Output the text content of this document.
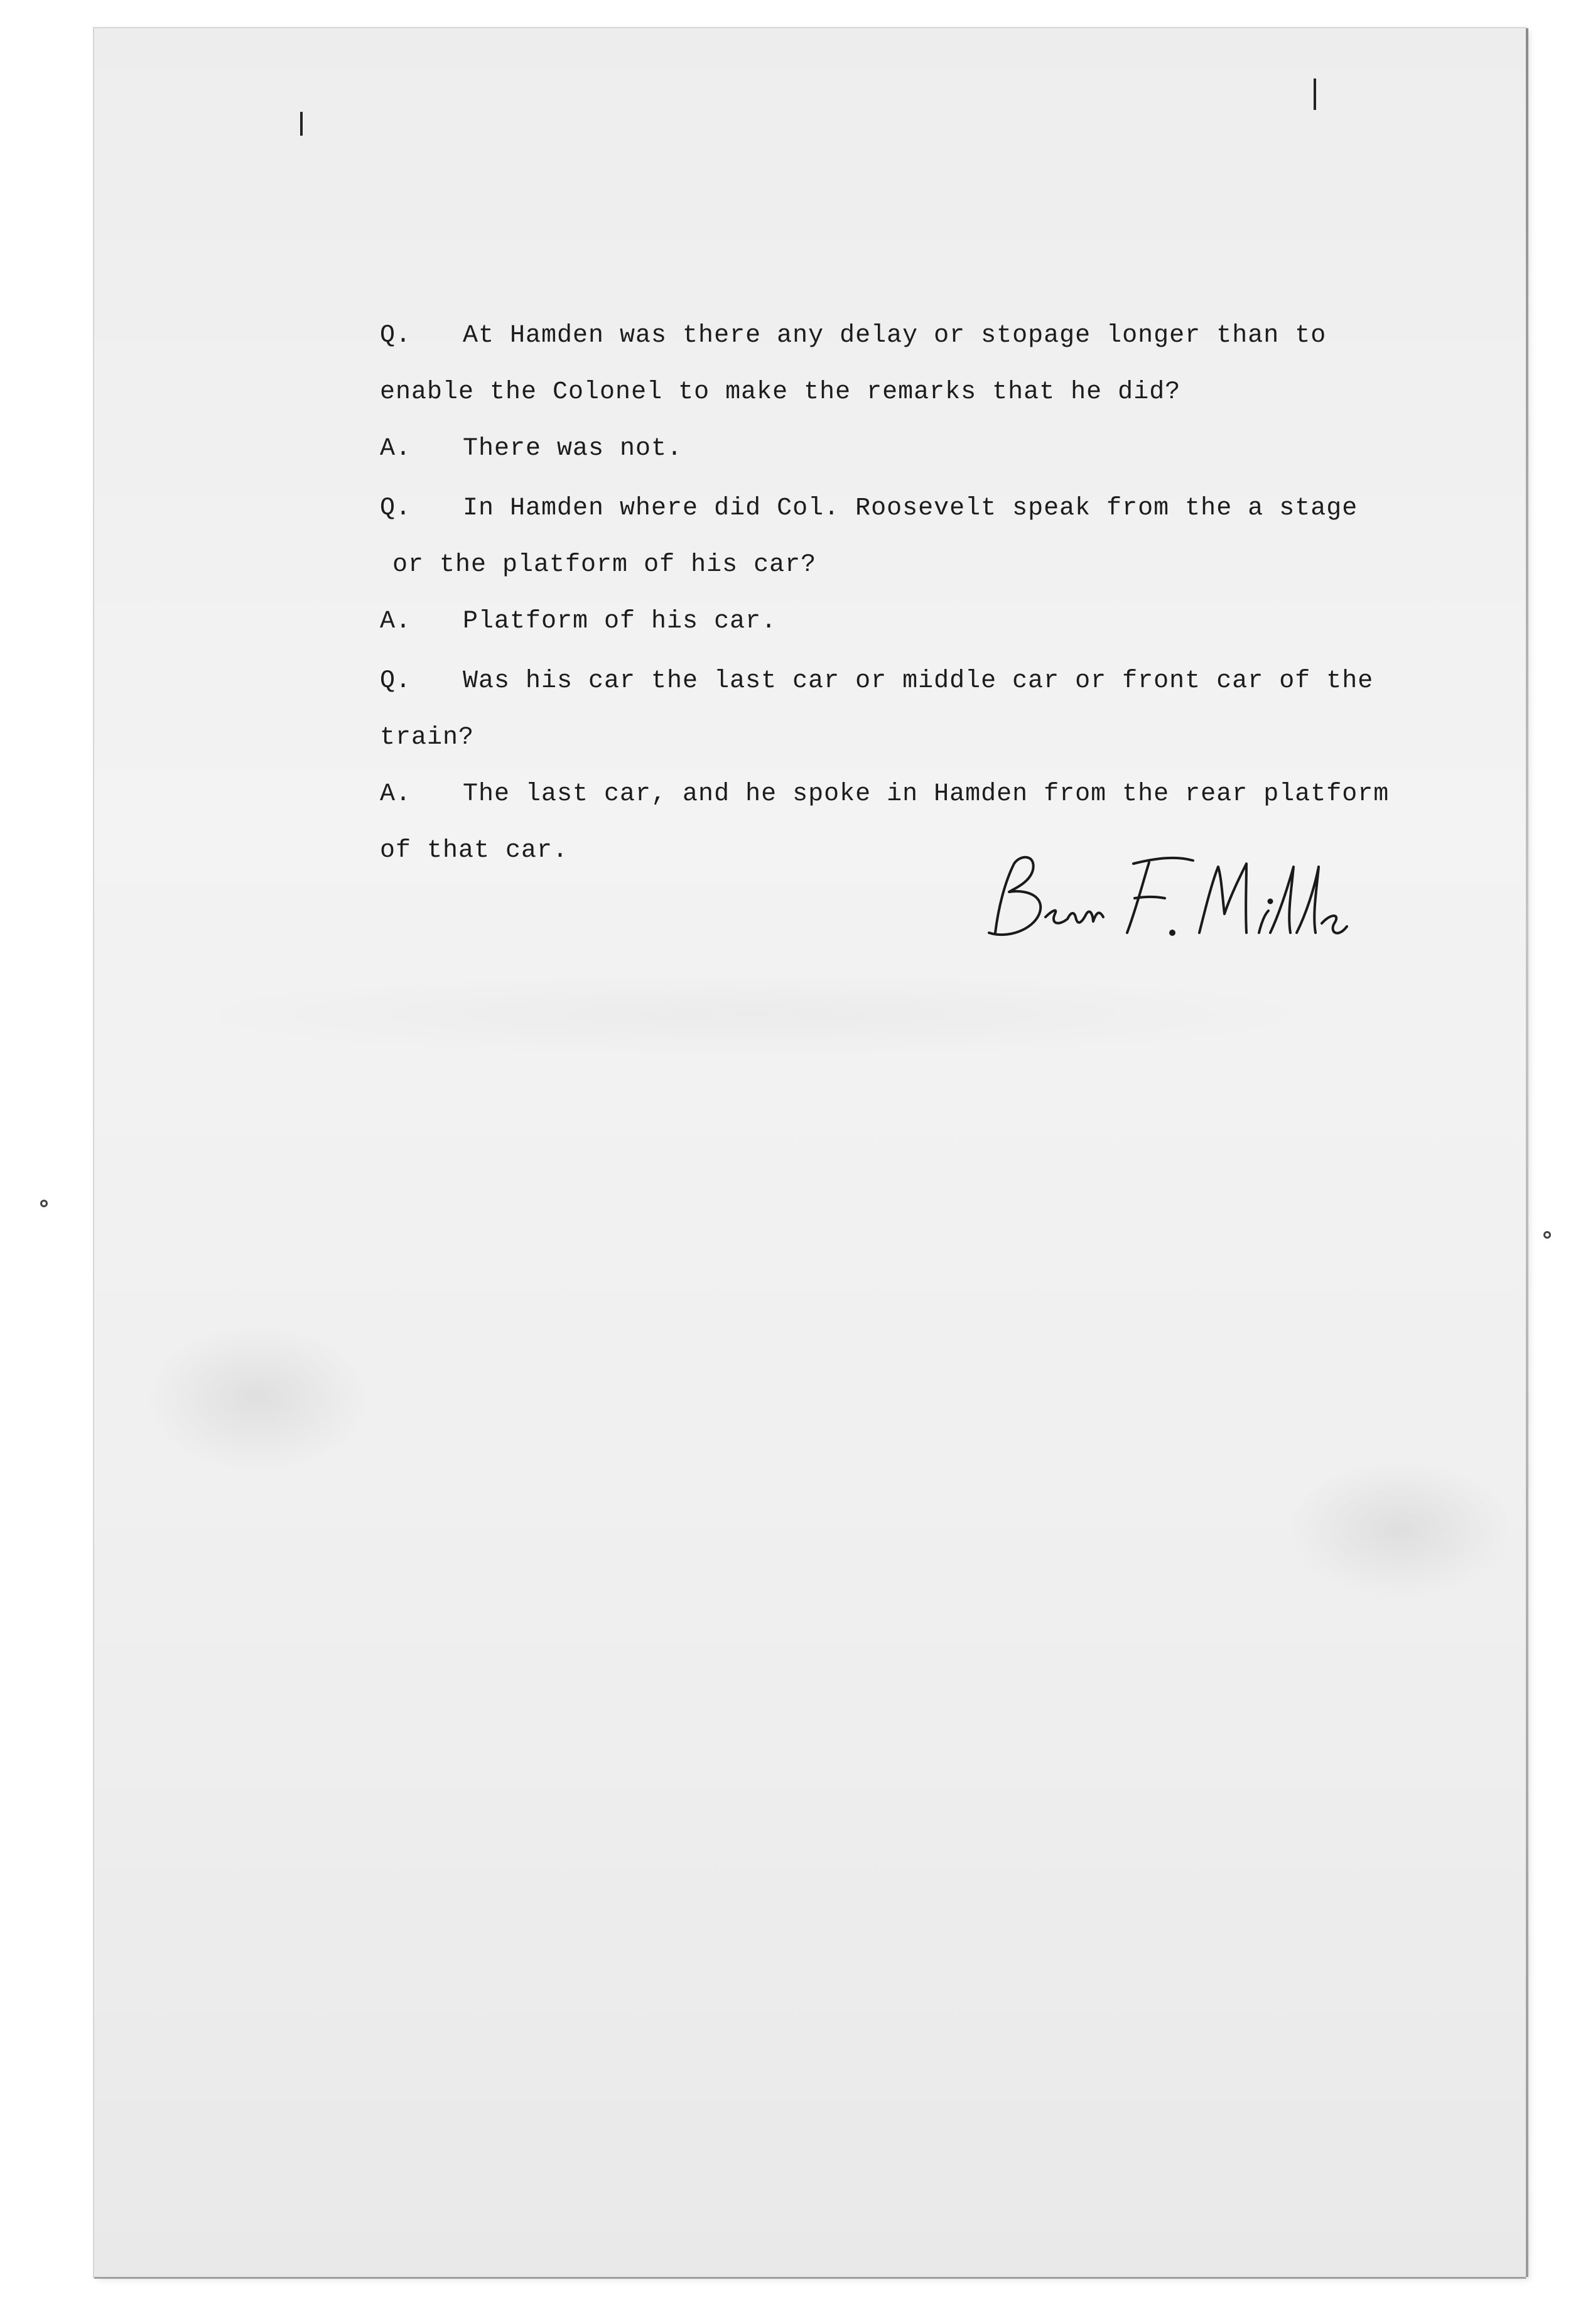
Q. At Hamden was there any delay or stopage longer than to
enable the Colonel to make the remarks that he did?
A. There was not.
Q. In Hamden where did Col. Roosevelt speak from the a stage
or the platform of his car?
A. Platform of his car.
Q. Was his car the last car or middle car or front car of the
train?
A. The last car, and he spoke in Hamden from the rear platform
of that car.
